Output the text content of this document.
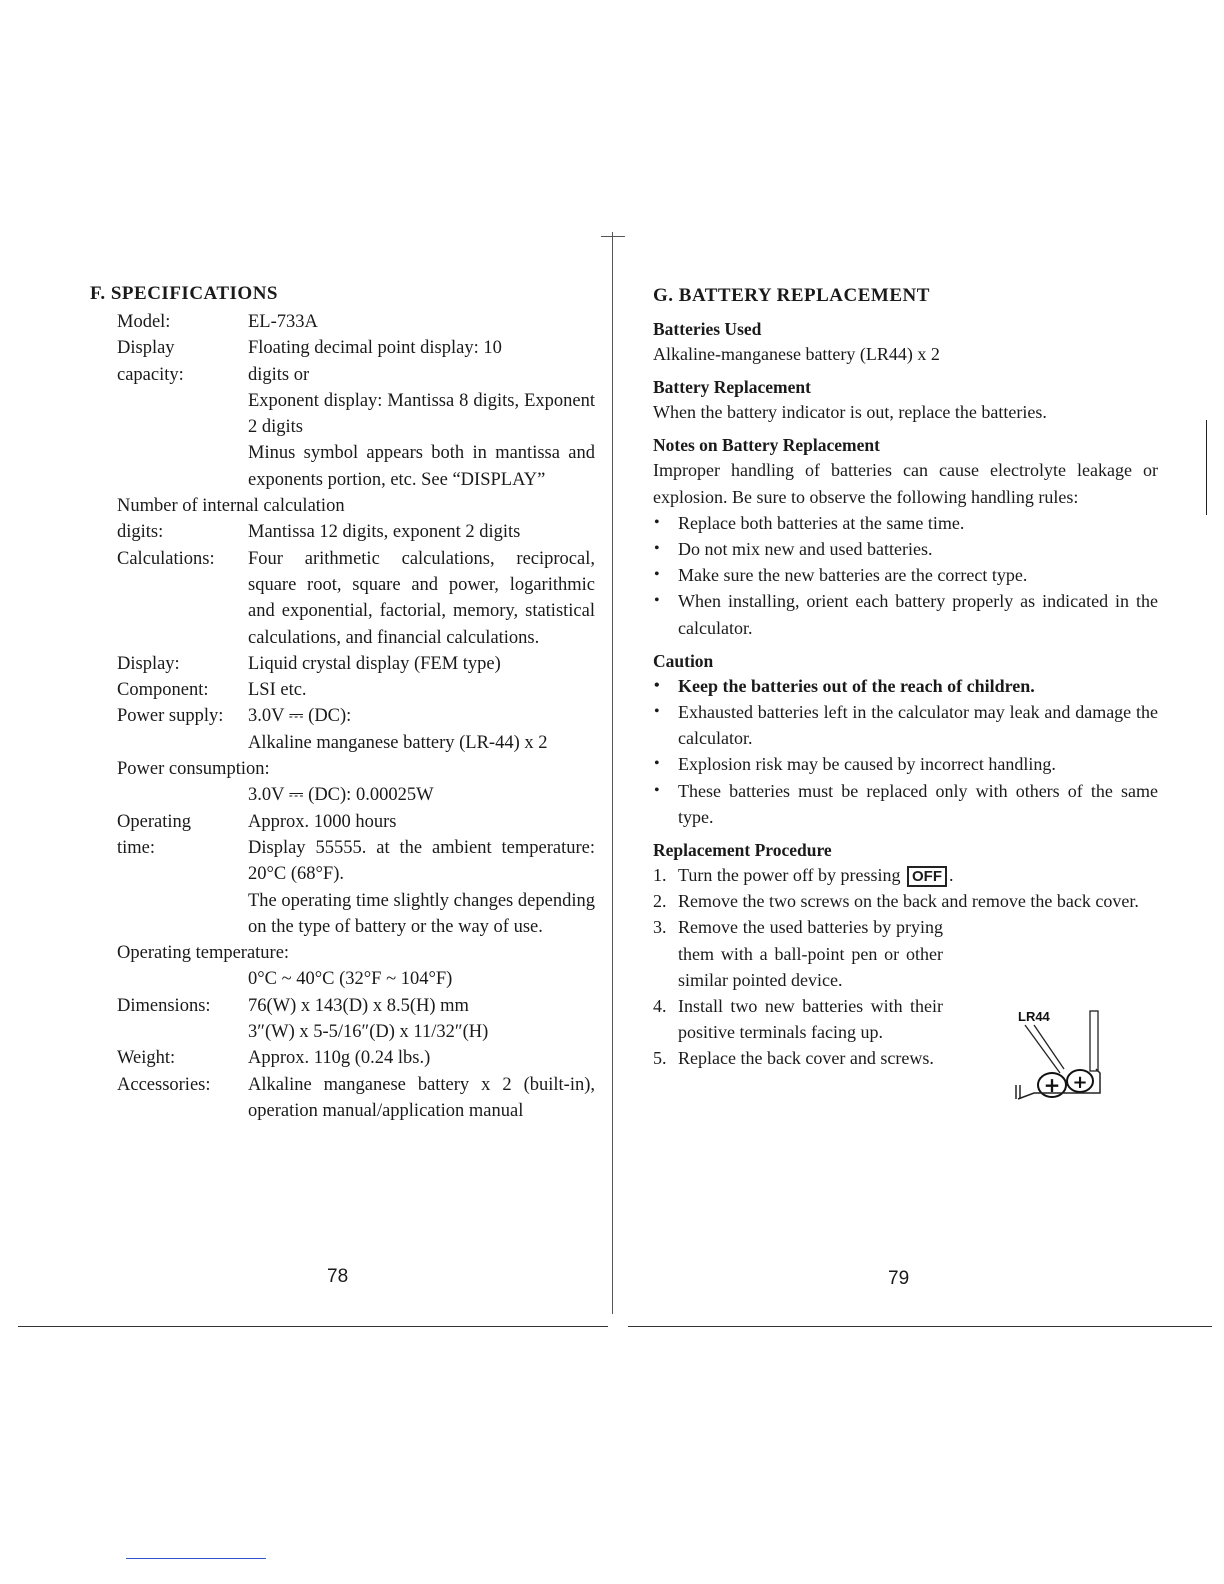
F. SPECIFICATIONS
Model:	EL-733A
Display	Floating decimal point display: 10
capacity:	digits or
Exponent display: Mantissa 8 digits, Exponent 2 digits
Minus symbol appears both in mantissa and exponents portion, etc. See “DISPLAY”
Number of internal calculation
digits:	Mantissa 12 digits, exponent 2 digits
Calculations:	Four arithmetic calculations, reciprocal, square root, square and power, logarithmic and exponential, factorial, memory, statistical calculations, and financial calculations.
Display:	Liquid crystal display (FEM type)
Component:	LSI etc.
Power supply:	3.0V ⎓ (DC):
Alkaline manganese battery (LR-44) x 2
Power consumption:
3.0V ⎓ (DC): 0.00025W
Operating	Approx. 1000 hours
time:	Display 55555. at the ambient temperature: 20°C (68°F).
The operating time slightly changes depending on the type of battery or the way of use.
Operating temperature:
0°C ~ 40°C (32°F ~ 104°F)
Dimensions:	76(W) x 143(D) x 8.5(H) mm
3″(W) x 5-5/16″(D) x 11/32″(H)
Weight:	Approx. 110g (0.24 lbs.)
Accessories:	Alkaline manganese battery x 2 (built-in), operation manual/application manual
78
G. BATTERY REPLACEMENT
Batteries Used
Alkaline-manganese battery (LR44) x 2
Battery Replacement
When the battery indicator is out, replace the batteries.
Notes on Battery Replacement
Improper handling of batteries can cause electrolyte leakage or explosion. Be sure to observe the following handling rules:
• Replace both batteries at the same time.
• Do not mix new and used batteries.
• Make sure the new batteries are the correct type.
• When installing, orient each battery properly as indicated in the calculator.
Caution
• Keep the batteries out of the reach of children.
• Exhausted batteries left in the calculator may leak and damage the calculator.
• Explosion risk may be caused by incorrect handling.
• These batteries must be replaced only with others of the same type.
Replacement Procedure
1. Turn the power off by pressing OFF .
2. Remove the two screws on the back and remove the back cover.
3. Remove the used batteries by prying them with a ball-point pen or other similar pointed device.
4. Install two new batteries with their positive terminals facing up.
5. Replace the back cover and screws.
LR44
+ +
79
